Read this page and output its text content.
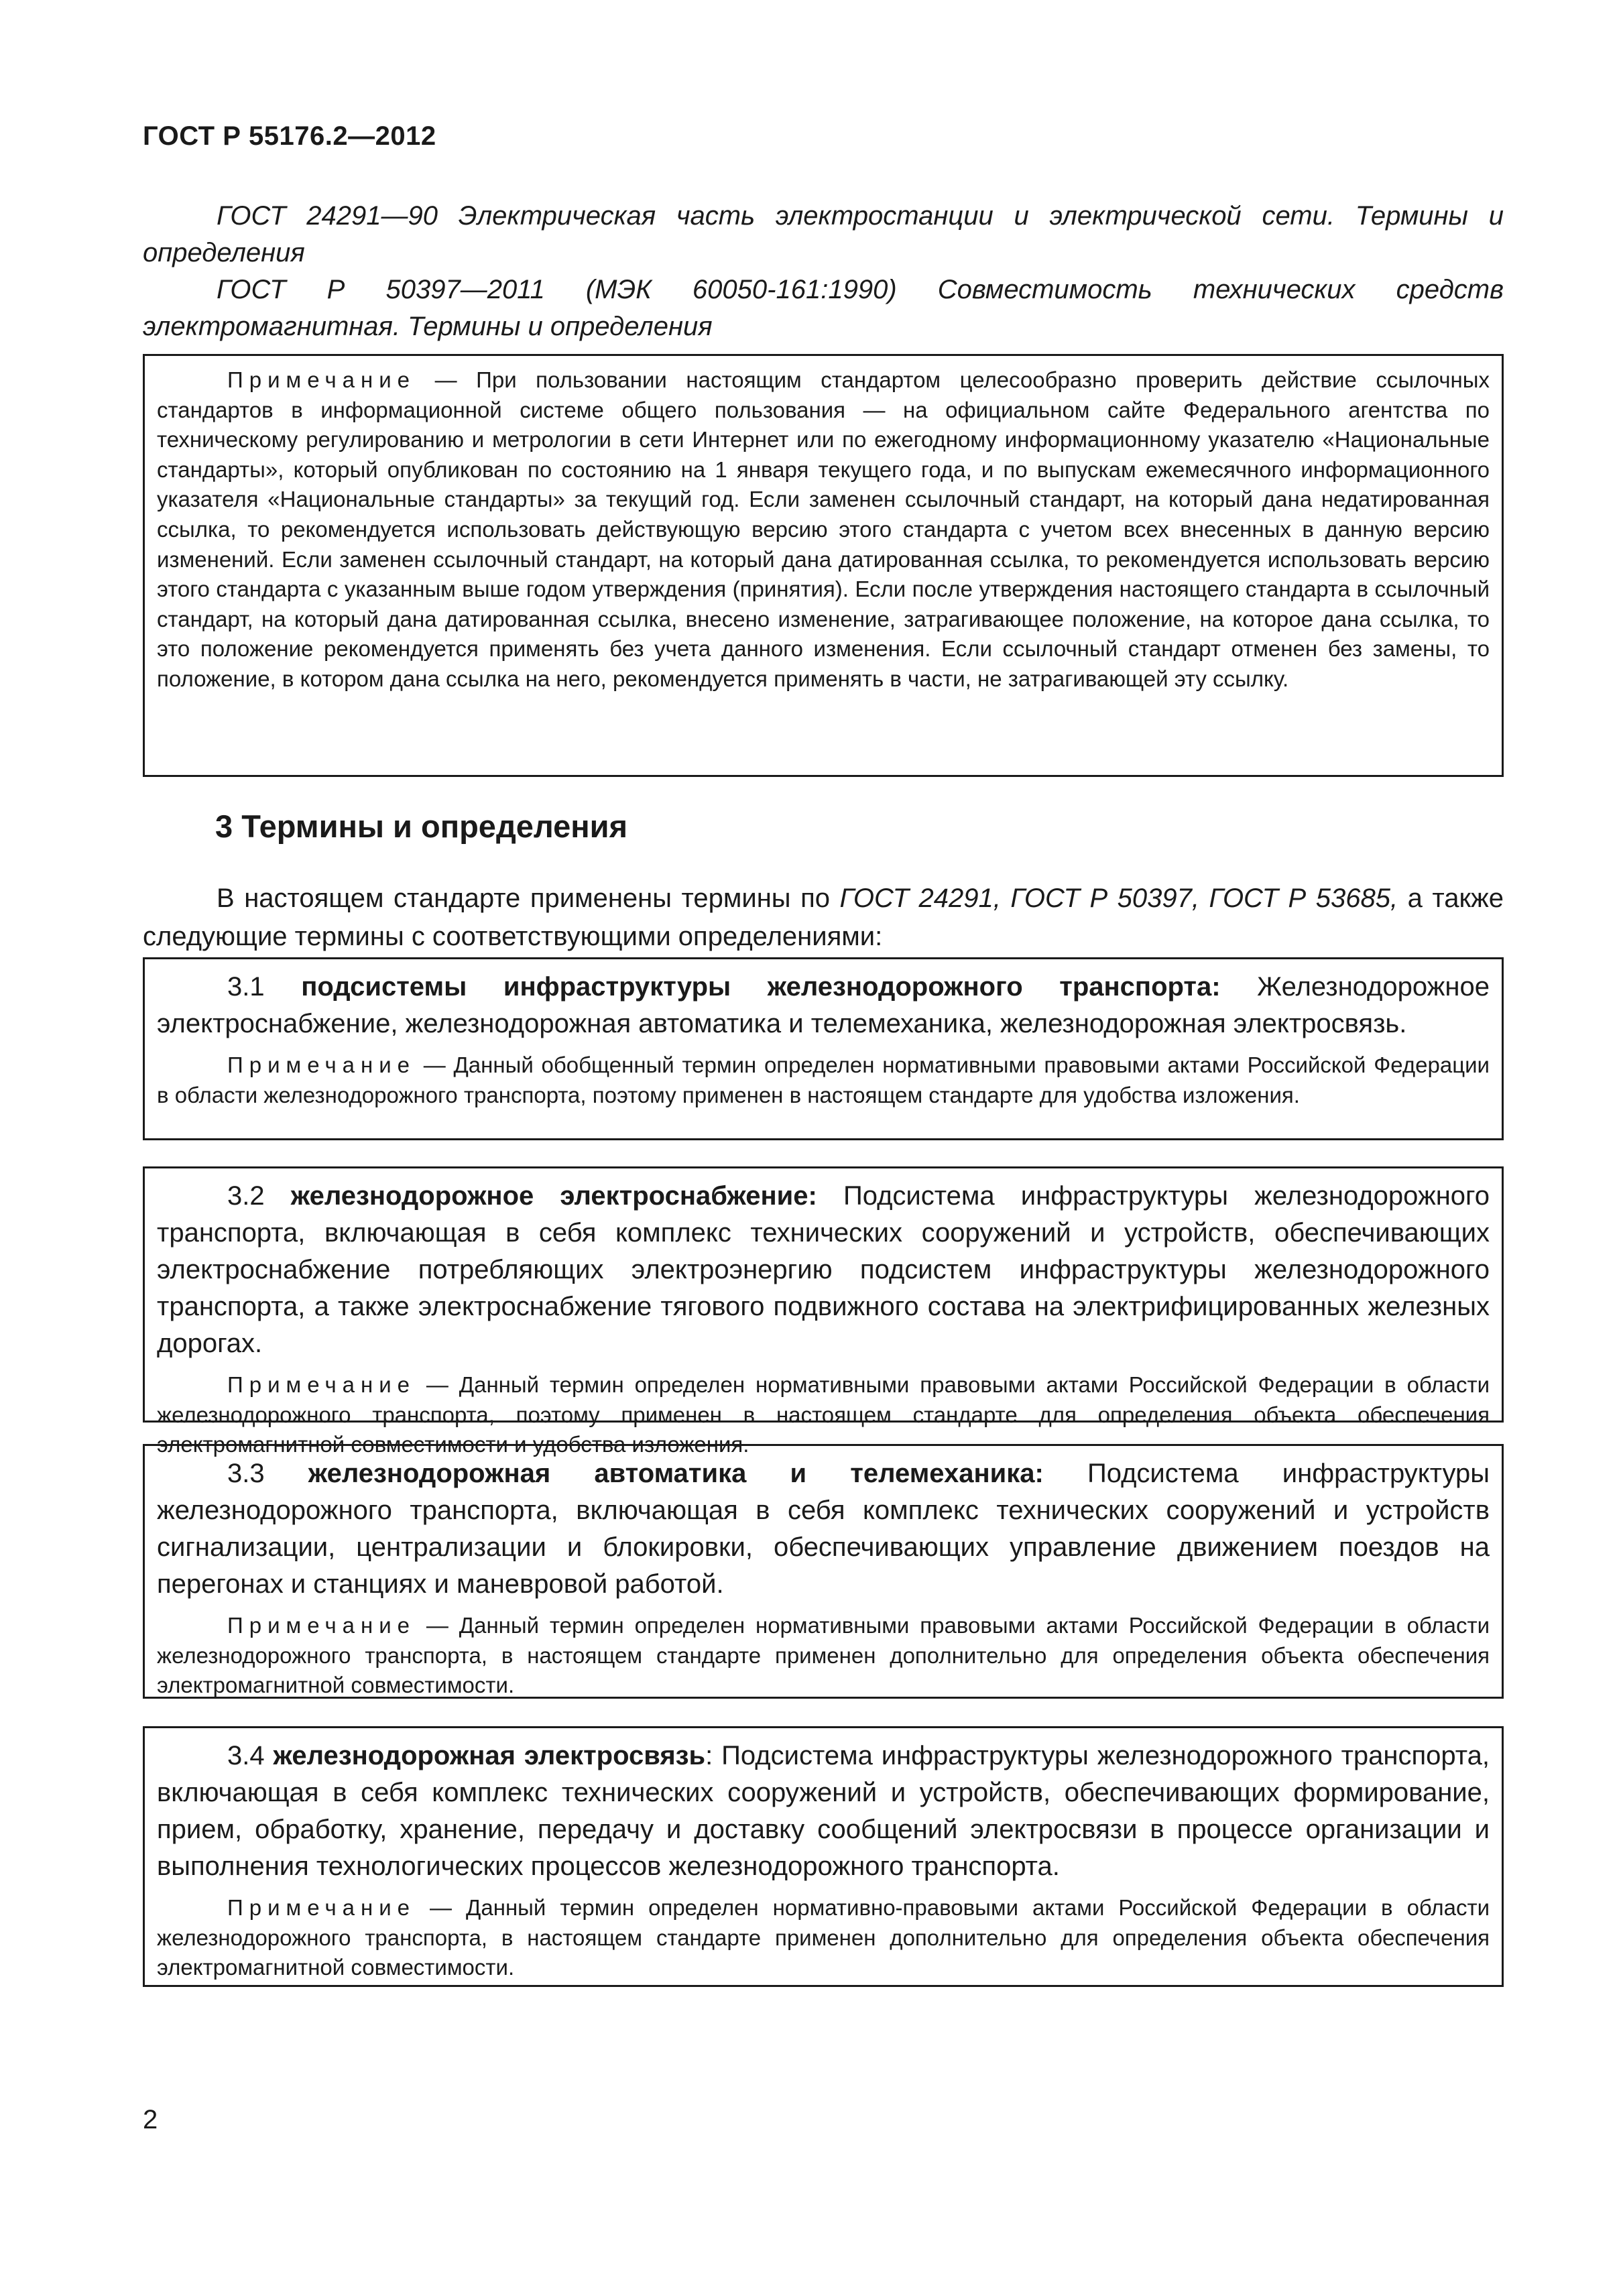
ГОСТ Р 55176.2—2012

ГОСТ 24291—90 Электрическая часть электростанции и электрической сети. Термины и определения

ГОСТ Р 50397—2011 (МЭК 60050-161:1990) Совместимость технических средств электромагнитная. Термины и определения

Примечание — При пользовании настоящим стандартом целесообразно проверить действие ссылочных стандартов в информационной системе общего пользования — на официальном сайте Федерального агентства по техническому регулированию и метрологии в сети Интернет или по ежегодному информационному указателю «Национальные стандарты», который опубликован по состоянию на 1 января текущего года, и по выпускам ежемесячного информационного указателя «Национальные стандарты» за текущий год. Если заменен ссылочный стандарт, на который дана недатированная ссылка, то рекомендуется использовать действующую версию этого стандарта с учетом всех внесенных в данную версию изменений. Если заменен ссылочный стандарт, на который дана датированная ссылка, то рекомендуется использовать версию этого стандарта с указанным выше годом утверждения (принятия). Если после утверждения настоящего стандарта в ссылочный стандарт, на который дана датированная ссылка, внесено изменение, затрагивающее положение, на которое дана ссылка, то это положение рекомендуется применять без учета данного изменения. Если ссылочный стандарт отменен без замены, то положение, в котором дана ссылка на него, рекомендуется применять в части, не затрагивающей эту ссылку.
3 Термины и определения

В настоящем стандарте применены термины по ГОСТ 24291, ГОСТ Р 50397, ГОСТ Р 53685, а также следующие термины с соответствующими определениями:

3.1 подсистемы инфраструктуры железнодорожного транспорта: Железнодорожное электроснабжение, железнодорожная автоматика и телемеханика, железнодорожная электросвязь.

Примечание — Данный обобщенный термин определен нормативными правовыми актами Российской Федерации в области железнодорожного транспорта, поэтому применен в настоящем стандарте для удобства изложения.

3.2 железнодорожное электроснабжение: Подсистема инфраструктуры железнодорожного транспорта, включающая в себя комплекс технических сооружений и устройств, обеспечивающих электроснабжение потребляющих электроэнергию подсистем инфраструктуры железнодорожного транспорта, а также электроснабжение тягового подвижного состава на электрифицированных железных дорогах.

Примечание — Данный термин определен нормативными правовыми актами Российской Федерации в области железнодорожного транспорта, поэтому применен в настоящем стандарте для определения объекта обеспечения электромагнитной совместимости и удобства изложения.

3.3 железнодорожная автоматика и телемеханика: Подсистема инфраструктуры железнодорожного транспорта, включающая в себя комплекс технических сооружений и устройств сигнализации, централизации и блокировки, обеспечивающих управление движением поездов на перегонах и станциях и маневровой работой.

Примечание — Данный термин определен нормативными правовыми актами Российской Федерации в области железнодорожного транспорта, в настоящем стандарте применен дополнительно для определения объекта обеспечения электромагнитной совместимости.

3.4 железнодорожная электросвязь: Подсистема инфраструктуры железнодорожного транспорта, включающая в себя комплекс технических сооружений и устройств, обеспечивающих формирование, прием, обработку, хранение, передачу и доставку сообщений электросвязи в процессе организации и выполнения технологических процессов железнодорожного транспорта.

Примечание — Данный термин определен нормативно-правовыми актами Российской Федерации в области железнодорожного транспорта, в настоящем стандарте применен дополнительно для определения объекта обеспечения электромагнитной совместимости.

2
